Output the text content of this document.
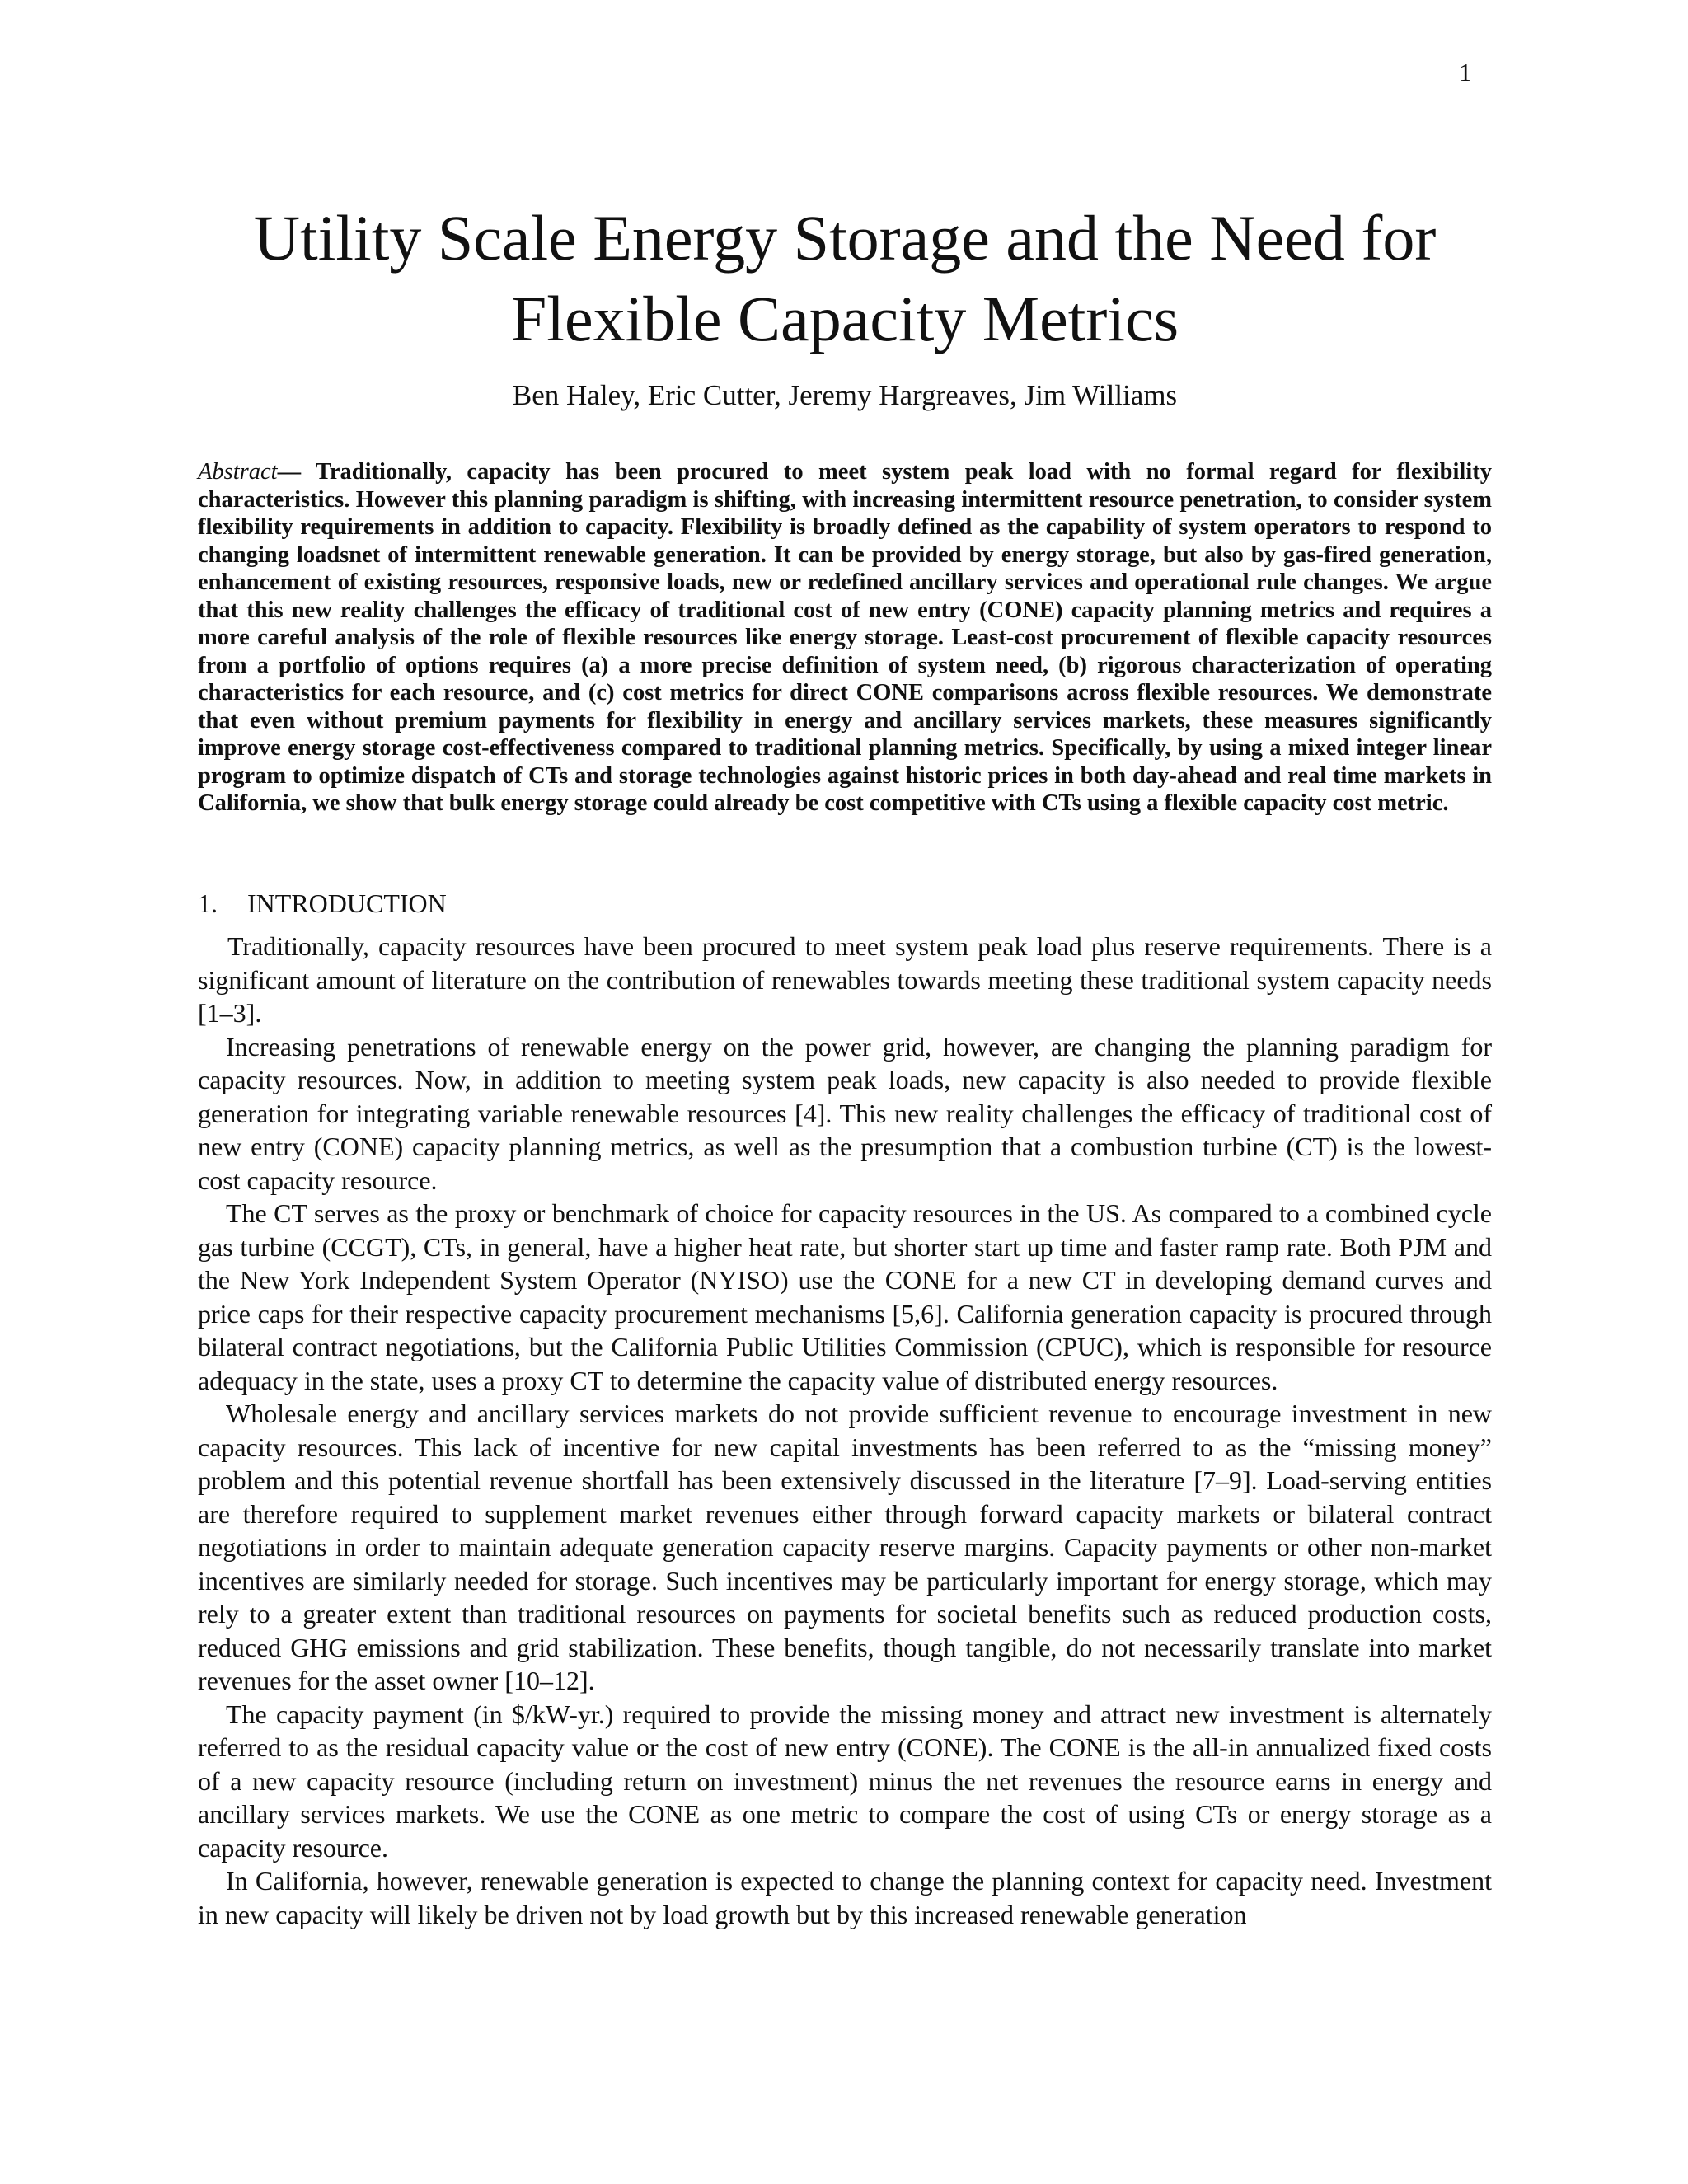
1
Utility Scale Energy Storage and the Need for Flexible Capacity Metrics
Ben Haley, Eric Cutter, Jeremy Hargreaves, Jim Williams

Abstract— Traditionally, capacity has been procured to meet system peak load with no formal regard for flexibility characteristics. However this planning paradigm is shifting, with increasing intermittent resource penetration, to consider system flexibility requirements in addition to capacity. Flexibility is broadly defined as the capability of system operators to respond to changing loadsnet of intermittent renewable generation. It can be provided by energy storage, but also by gas-fired generation, enhancement of existing resources, responsive loads, new or redefined ancillary services and operational rule changes. We argue that this new reality challenges the efficacy of traditional cost of new entry (CONE) capacity planning metrics and requires a more careful analysis of the role of flexible resources like energy storage. Least-cost procurement of flexible capacity resources from a portfolio of options requires (a) a more precise definition of system need, (b) rigorous characterization of operating characteristics for each resource, and (c) cost metrics for direct CONE comparisons across flexible resources. We demonstrate that even without premium payments for flexibility in energy and ancillary services markets, these measures significantly improve energy storage cost-effectiveness compared to traditional planning metrics. Specifically, by using a mixed integer linear program to optimize dispatch of CTs and storage technologies against historic prices in both day-ahead and real time markets in California, we show that bulk energy storage could already be cost competitive with CTs using a flexible capacity cost metric.

1. INTRODUCTION

Traditionally, capacity resources have been procured to meet system peak load plus reserve requirements. There is a significant amount of literature on the contribution of renewables towards meeting these traditional system capacity needs [1–3].

Increasing penetrations of renewable energy on the power grid, however, are changing the planning paradigm for capacity resources. Now, in addition to meeting system peak loads, new capacity is also needed to provide flexible generation for integrating variable renewable resources [4]. This new reality challenges the efficacy of traditional cost of new entry (CONE) capacity planning metrics, as well as the presumption that a combustion turbine (CT) is the lowest-cost capacity resource.

The CT serves as the proxy or benchmark of choice for capacity resources in the US. As compared to a combined cycle gas turbine (CCGT), CTs, in general, have a higher heat rate, but shorter start up time and faster ramp rate. Both PJM and the New York Independent System Operator (NYISO) use the CONE for a new CT in developing demand curves and price caps for their respective capacity procurement mechanisms [5,6]. California generation capacity is procured through bilateral contract negotiations, but the California Public Utilities Commission (CPUC), which is responsible for resource adequacy in the state, uses a proxy CT to determine the capacity value of distributed energy resources.

Wholesale energy and ancillary services markets do not provide sufficient revenue to encourage investment in new capacity resources. This lack of incentive for new capital investments has been referred to as the “missing money” problem and this potential revenue shortfall has been extensively discussed in the literature [7–9]. Load-serving entities are therefore required to supplement market revenues either through forward capacity markets or bilateral contract negotiations in order to maintain adequate generation capacity reserve margins. Capacity payments or other non-market incentives are similarly needed for storage. Such incentives may be particularly important for energy storage, which may rely to a greater extent than traditional resources on payments for societal benefits such as reduced production costs, reduced GHG emissions and grid stabilization. These benefits, though tangible, do not necessarily translate into market revenues for the asset owner [10–12].

The capacity payment (in $/kW-yr.) required to provide the missing money and attract new investment is alternately referred to as the residual capacity value or the cost of new entry (CONE). The CONE is the all-in annualized fixed costs of a new capacity resource (including return on investment) minus the net revenues the resource earns in energy and ancillary services markets. We use the CONE as one metric to compare the cost of using CTs or energy storage as a capacity resource.

In California, however, renewable generation is expected to change the planning context for capacity need. Investment in new capacity will likely be driven not by load growth but by this increased renewable generation
